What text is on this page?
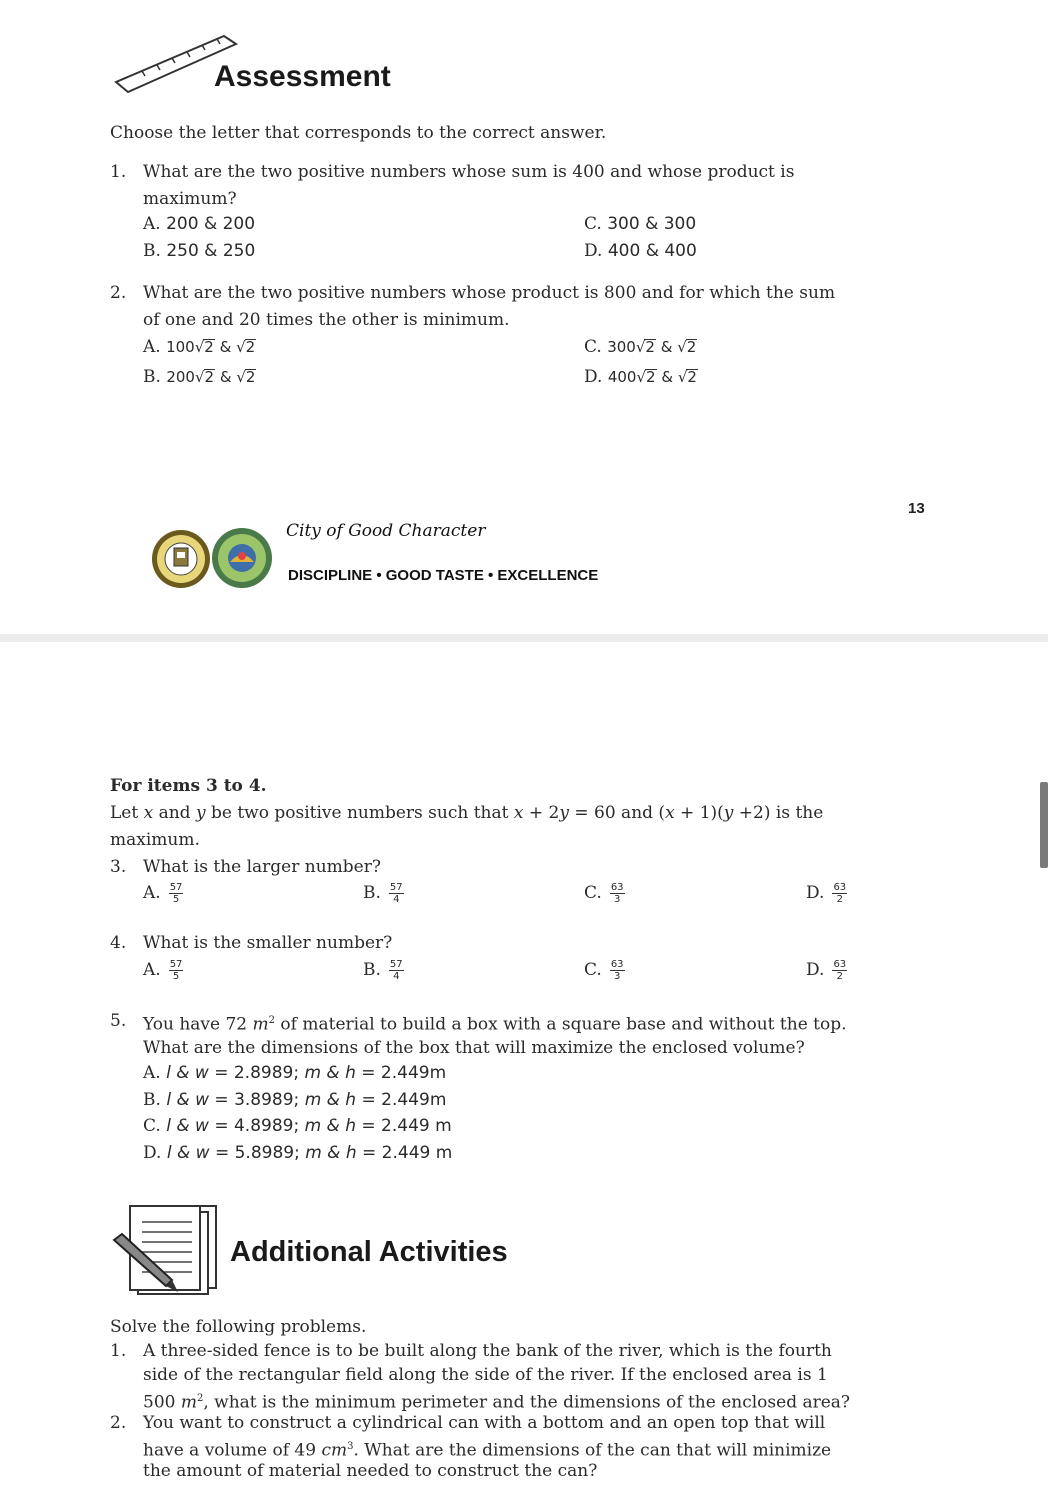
Assessment
Choose the letter that corresponds to the correct answer.
1. What are the two positive numbers whose sum is 400 and whose product is
maximum?
A. 200 & 200
B. 250 & 250
C. 300 & 300
D. 400 & 400
2. What are the two positive numbers whose product is 800 and for which the sum
of one and 20 times the other is minimum.
A. 100√2 & √2
B. 200√2 & √2
C. 300√2 & √2
D. 400√2 & √2
13
City of Good Character
DISCIPLINE • GOOD TASTE • EXCELLENCE
For items 3 to 4.
Let x and y be two positive numbers such that x + 2y = 60 and (x + 1)(y +2) is the
maximum.
3. What is the larger number?
A. $\frac{57}{5}$	B. $\frac{57}{4}$	C. $\frac{63}{3}$	D. $\frac{63}{2}$
4. What is the smaller number?
A. $\frac{57}{5}$	B. $\frac{57}{4}$	C. $\frac{63}{3}$	D. $\frac{63}{2}$
5. You have 72 $m^2$ of material to build a box with a square base and without the top.
What are the dimensions of the box that will maximize the enclosed volume?
A. l & w = 2.8989; m & h = 2.449m
B. l & w = 3.8989; m & h = 2.449m
C. l & w = 4.8989; m & h = 2.449 m
D. l & w = 5.8989; m & h = 2.449 m
Additional Activities
Solve the following problems.
1. A three-sided fence is to be built along the bank of the river, which is the fourth
side of the rectangular field along the side of the river. If the enclosed area is 1
500 $m^2$, what is the minimum perimeter and the dimensions of the enclosed area?
2. You want to construct a cylindrical can with a bottom and an open top that will
have a volume of 49 $cm^3$. What are the dimensions of the can that will minimize
the amount of material needed to construct the can?
